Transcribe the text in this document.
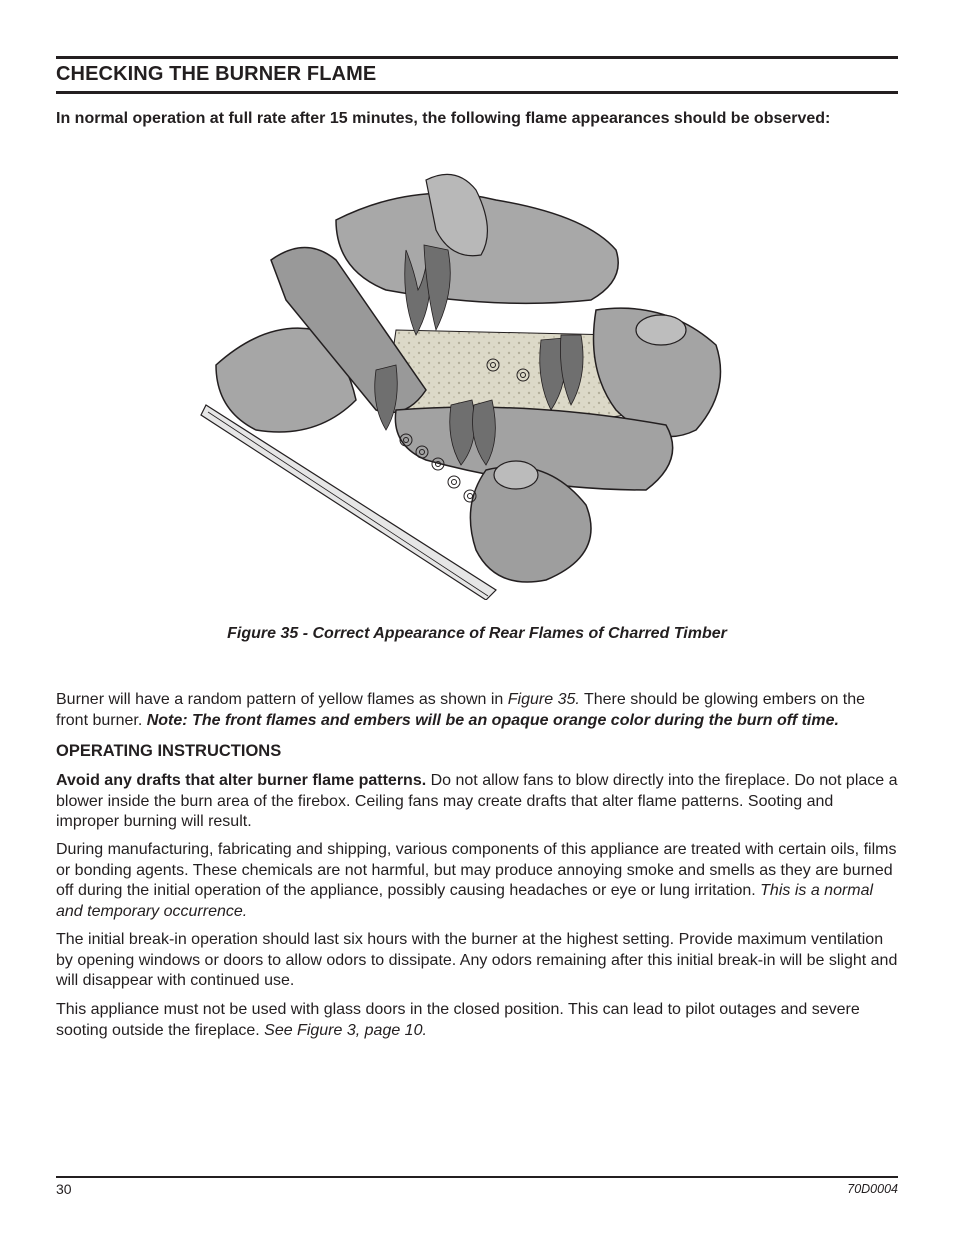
CHECKING THE BURNER FLAME
In normal operation at full rate after 15 minutes, the following flame appearances should be observed:
Figure 35 - Correct Appearance of Rear Flames of Charred Timber
Burner will have a random pattern of yellow flames as shown in Figure 35. There should be glowing embers on the front burner. Note: The front flames and embers will be an opaque orange color during the burn off time.
OPERATING INSTRUCTIONS
Avoid any drafts that alter burner flame patterns. Do not allow fans to blow directly into the fireplace. Do not place a blower inside the burn area of the firebox. Ceiling fans may create drafts that alter flame patterns. Sooting and improper burning will result.
During manufacturing, fabricating and shipping, various components of this appliance are treated with certain oils, films or bonding agents. These chemicals are not harmful, but may produce annoying smoke and smells as they are burned off during the initial operation of the appliance, possibly causing headaches or eye or lung irritation. This is a normal and temporary occurrence.
The initial break-in operation should last six hours with the burner at the highest setting. Provide maximum ventilation by opening windows or doors to allow odors to dissipate. Any odors remaining after this initial break-in will be slight and will disappear with continued use.
This appliance must not be used with glass doors in the closed position. This can lead to pilot outages and severe sooting outside the fireplace. See Figure 3, page 10.
30	70D0004
